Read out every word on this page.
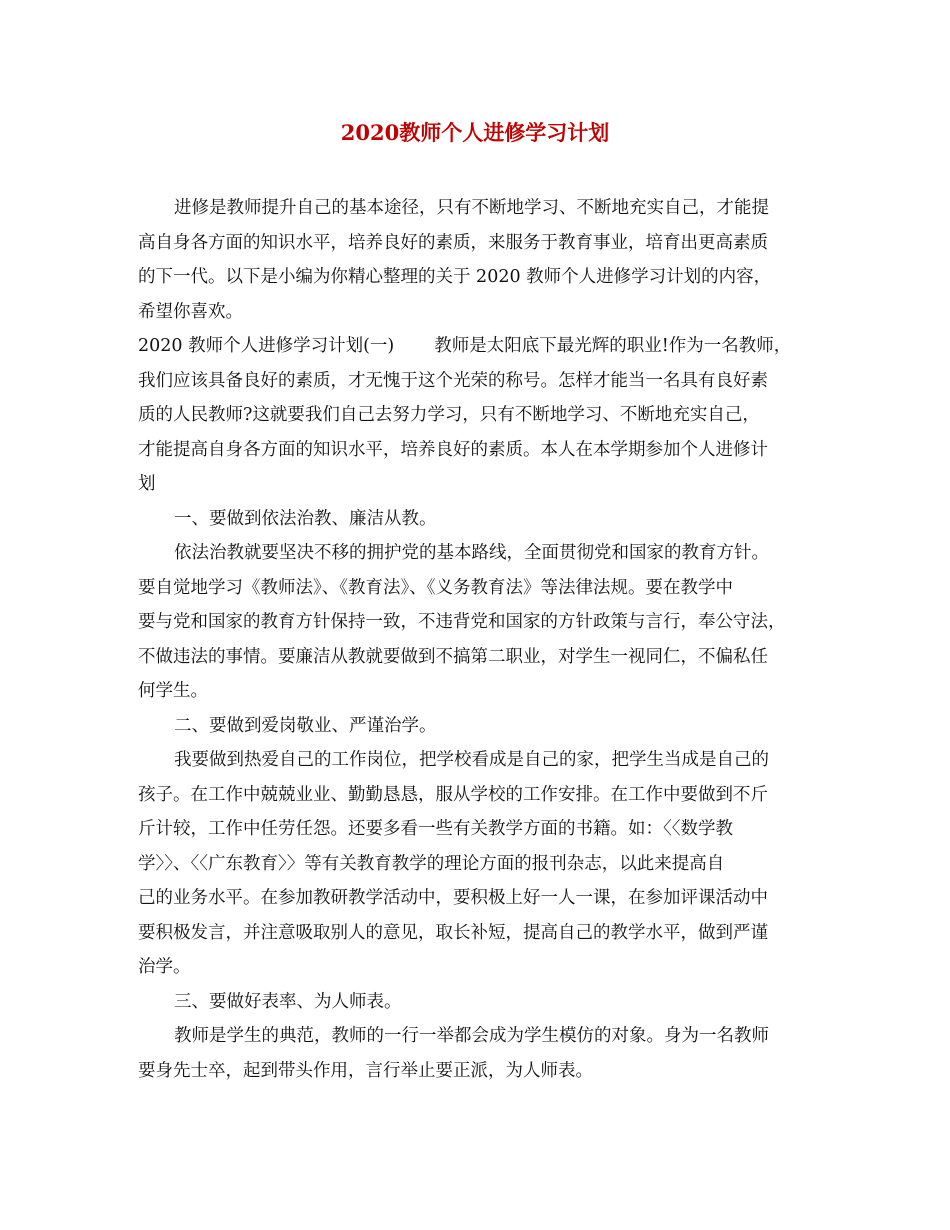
2020教师个人进修学习计划

进修是教师提升自己的基本途径，只有不断地学习、不断地充实自己，才能提

高自身各方面的知识水平，培养良好的素质，来服务于教育事业，培育出更高素质

的下一代。以下是小编为你精心整理的关于 2020 教师个人进修学习计划的内容，

希望你喜欢。

2020 教师个人进修学习计划(一) 教师是太阳底下最光辉的职业!作为一名教师，

我们应该具备良好的素质，才无愧于这个光荣的称号。怎样才能当一名具有良好素

质的人民教师?这就要我们自己去努力学习，只有不断地学习、不断地充实自己，

才能提高自身各方面的知识水平，培养良好的素质。本人在本学期参加个人进修计

划

一、要做到依法治教、廉洁从教。

依法治教就要坚决不移的拥护党的基本路线，全面贯彻党和国家的教育方针。

要自觉地学习《教师法》、《教育法》、《义务教育法》等法律法规。要在教学中

要与党和国家的教育方针保持一致，不违背党和国家的方针政策与言行，奉公守法，

不做违法的事情。要廉洁从教就要做到不搞第二职业，对学生一视同仁，不偏私任

何学生。

二、要做到爱岗敬业、严谨治学。

我要做到热爱自己的工作岗位，把学校看成是自己的家，把学生当成是自己的

孩子。在工作中兢兢业业、勤勤恳恳，服从学校的工作安排。在工作中要做到不斤

斤计较，工作中任劳任怨。还要多看一些有关教学方面的书籍。如：〈〈数学教

学〉〉、〈〈广东教育〉〉等有关教育教学的理论方面的报刊杂志，以此来提高自

己的业务水平。在参加教研教学活动中，要积极上好一人一课，在参加评课活动中

要积极发言，并注意吸取别人的意见，取长补短，提高自己的教学水平，做到严谨

治学。

三、要做好表率、为人师表。

教师是学生的典范，教师的一行一举都会成为学生模仿的对象。身为一名教师

要身先士卒，起到带头作用，言行举止要正派，为人师表。
